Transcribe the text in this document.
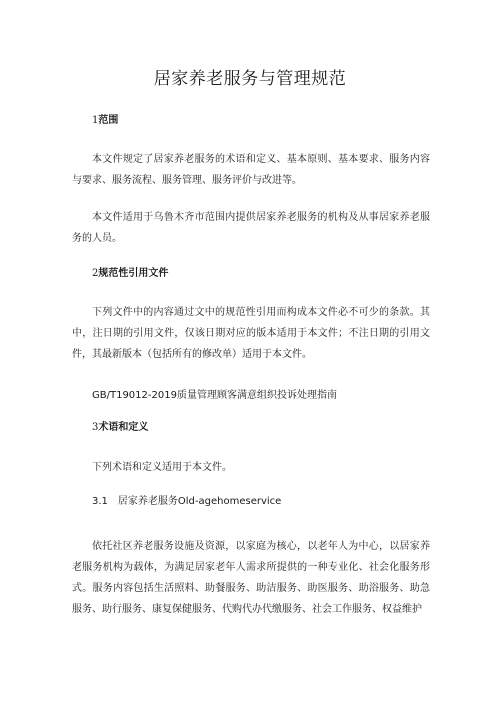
居家养老服务与管理规范
1范围

本文件规定了居家养老服务的术语和定义、基本原则、基本要求、服务内容与要求、服务流程、服务管理、服务评价与改进等。

本文件适用于乌鲁木齐市范围内提供居家养老服务的机构及从事居家养老服务的人员。

2规范性引用文件

下列文件中的内容通过文中的规范性引用而构成本文件必不可少的条款。其中，注日期的引用文件，仅该日期对应的版本适用于本文件；不注日期的引用文件，其最新版本（包括所有的修改单）适用于本文件。

GB/T19012-2019质量管理顾客满意组织投诉处理指南

3术语和定义

下列术语和定义适用于本文件。

3.1 居家养老服务Old-agehomeservice

依托社区养老服务设施及资源，以家庭为核心，以老年人为中心，以居家养老服务机构为载体，为满足居家老年人需求所提供的一种专业化、社会化服务形式。服务内容包括生活照料、助餐服务、助洁服务、助医服务、助浴服务、助急服务、助行服务、康复保健服务、代购代办代缴服务、社会工作服务、权益维护
